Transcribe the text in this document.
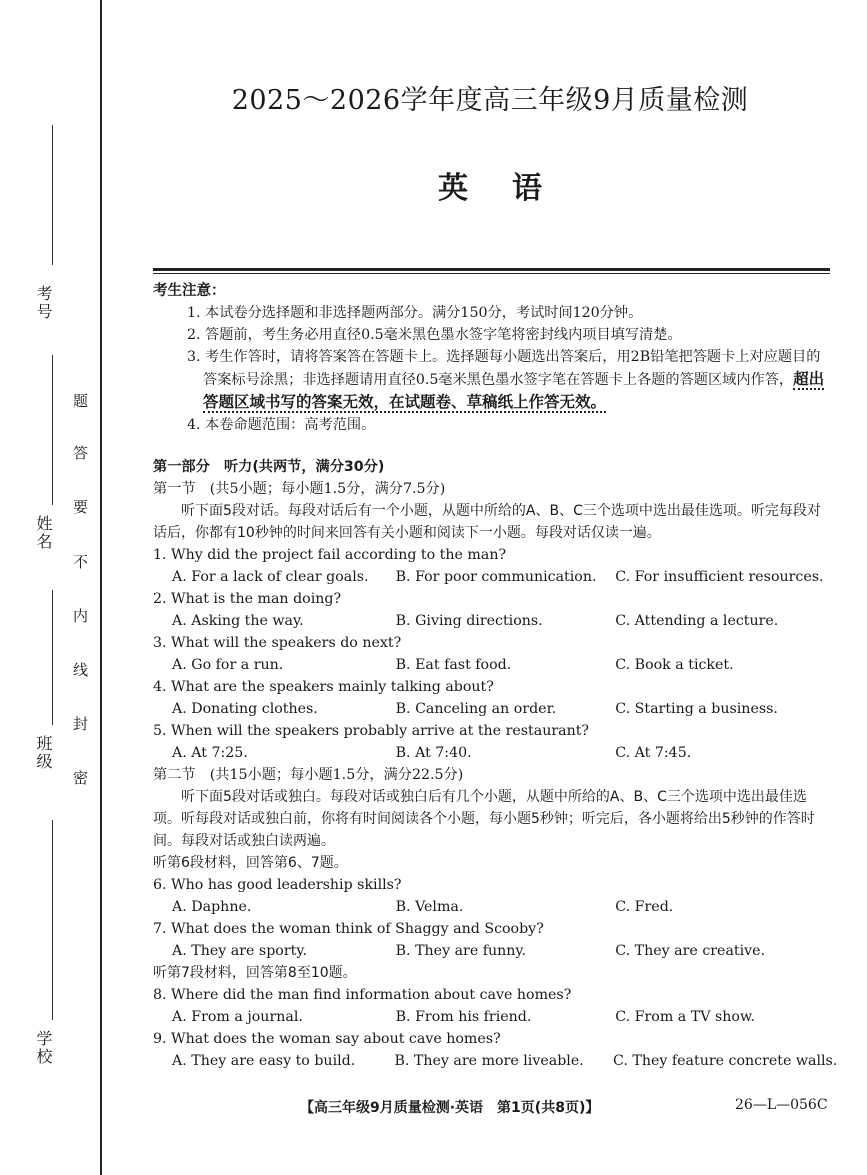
考号
姓名
班级
学校
题
答
要
不
内
线
封
密
2025～2026学年度高三年级9月质量检测
英语
考生注意：

1. 本试卷分选择题和非选择题两部分。满分150分，考试时间120分钟。

2. 答题前，考生务必用直径0.5毫米黑色墨水签字笔将密封线内项目填写清楚。

3. 考生作答时，请将答案答在答题卡上。选择题每小题选出答案后，用2B铅笔把答题卡上对应题目的答案标号涂黑；非选择题请用直径0.5毫米黑色墨水签字笔在答题卡上各题的答题区域内作答，超出答题区域书写的答案无效，在试题卷、草稿纸上作答无效。

4. 本卷命题范围：高考范围。

第一部分　听力(共两节，满分30分)

第一节　(共5小题；每小题1.5分，满分7.5分)

听下面5段对话。每段对话后有一个小题，从题中所给的A、B、C三个选项中选出最佳选项。听完每段对话后，你都有10秒钟的时间来回答有关小题和阅读下一小题。每段对话仅读一遍。

1. Why did the project fail according to the man?

A. For a lack of clear goals.	B. For poor communication.	C. For insufficient resources.

2. What is the man doing?

A. Asking the way.	B. Giving directions.	C. Attending a lecture.

3. What will the speakers do next?

A. Go for a run.	B. Eat fast food.	C. Book a ticket.

4. What are the speakers mainly talking about?

A. Donating clothes.	B. Canceling an order.	C. Starting a business.

5. When will the speakers probably arrive at the restaurant?

A. At 7:25.	B. At 7:40.	C. At 7:45.

第二节　(共15小题；每小题1.5分，满分22.5分)

听下面5段对话或独白。每段对话或独白后有几个小题，从题中所给的A、B、C三个选项中选出最佳选项。听每段对话或独白前，你将有时间阅读各个小题，每小题5秒钟；听完后，各小题将给出5秒钟的作答时间。每段对话或独白读两遍。

听第6段材料，回答第6、7题。

6. Who has good leadership skills?

A. Daphne.	B. Velma.	C. Fred.

7. What does the woman think of Shaggy and Scooby?

A. They are sporty.	B. They are funny.	C. They are creative.

听第7段材料，回答第8至10题。

8. Where did the man find information about cave homes?

A. From a journal.	B. From his friend.	C. From a TV show.

9. What does the woman say about cave homes?

A. They are easy to build.	B. They are more liveable.	C. They feature concrete walls.
【高三年级9月质量检测·英语　第1页(共8页)】	26—L—056C
